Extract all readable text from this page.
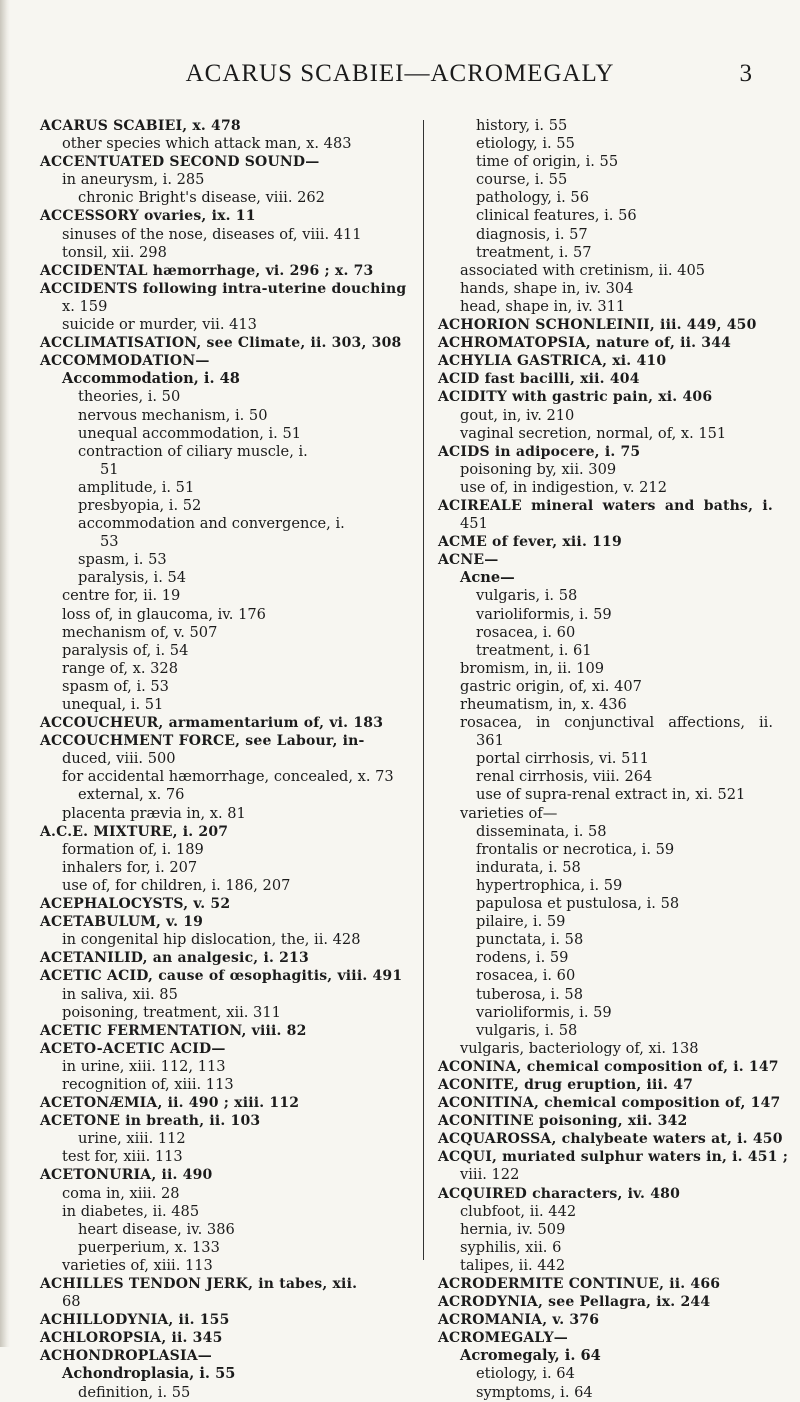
ACARUS SCABIEI—ACROMEGALY	3
ACARUS SCABIEI, x. 478
other species which attack man, x. 483
ACCENTUATED SECOND SOUND—
in aneurysm, i. 285
chronic Bright's disease, viii. 262
ACCESSORY ovaries, ix. 11
sinuses of the nose, diseases of, viii. 411
tonsil, xii. 298
ACCIDENTAL hæmorrhage, vi. 296 ; x. 73
ACCIDENTS following intra-uterine douching
x. 159
suicide or murder, vii. 413
ACCLIMATISATION, see Climate, ii. 303, 308
ACCOMMODATION—
Accommodation, i. 48
theories, i. 50
nervous mechanism, i. 50
unequal accommodation, i. 51
contraction of ciliary muscle, i.
51
amplitude, i. 51
presbyopia, i. 52
accommodation and convergence, i.
53
spasm, i. 53
paralysis, i. 54
centre for, ii. 19
loss of, in glaucoma, iv. 176
mechanism of, v. 507
paralysis of, i. 54
range of, x. 328
spasm of, i. 53
unequal, i. 51
ACCOUCHEUR, armamentarium of, vi. 183
ACCOUCHMENT FORCE, see Labour, in-
duced, viii. 500
for accidental hæmorrhage, concealed, x. 73
external, x. 76
placenta prævia in, x. 81
A.C.E. MIXTURE, i. 207
formation of, i. 189
inhalers for, i. 207
use of, for children, i. 186, 207
ACEPHALOCYSTS, v. 52
ACETABULUM, v. 19
in congenital hip dislocation, the, ii. 428
ACETANILID, an analgesic, i. 213
ACETIC ACID, cause of œsophagitis, viii. 491
in saliva, xii. 85
poisoning, treatment, xii. 311
ACETIC FERMENTATION, viii. 82
ACETO-ACETIC ACID—
in urine, xiii. 112, 113
recognition of, xiii. 113
ACETONÆMIA, ii. 490 ; xiii. 112
ACETONE in breath, ii. 103
urine, xiii. 112
test for, xiii. 113
ACETONURIA, ii. 490
coma in, xiii. 28
in diabetes, ii. 485
heart disease, iv. 386
puerperium, x. 133
varieties of, xiii. 113
ACHILLES TENDON JERK, in tabes, xii.
68
ACHILLODYNIA, ii. 155
ACHLOROPSIA, ii. 345
ACHONDROPLASIA—
Achondroplasia, i. 55
definition, i. 55
history, i. 55
etiology, i. 55
time of origin, i. 55
course, i. 55
pathology, i. 56
clinical features, i. 56
diagnosis, i. 57
treatment, i. 57
associated with cretinism, ii. 405
hands, shape in, iv. 304
head, shape in, iv. 311
ACHORION SCHONLEINII, iii. 449, 450
ACHROMATOPSIA, nature of, ii. 344
ACHYLIA GASTRICA, xi. 410
ACID fast bacilli, xii. 404
ACIDITY with gastric pain, xi. 406
gout, in, iv. 210
vaginal secretion, normal, of, x. 151
ACIDS in adipocere, i. 75
poisoning by, xii. 309
use of, in indigestion, v. 212
ACIREALE mineral waters and baths, i.
451
ACME of fever, xii. 119
ACNE—
Acne—
vulgaris, i. 58
varioliformis, i. 59
rosacea, i. 60
treatment, i. 61
bromism, in, ii. 109
gastric origin, of, xi. 407
rheumatism, in, x. 436
rosacea, in conjunctival affections, ii.
361
portal cirrhosis, vi. 511
renal cirrhosis, viii. 264
use of supra-renal extract in, xi. 521
varieties of—
disseminata, i. 58
frontalis or necrotica, i. 59
indurata, i. 58
hypertrophica, i. 59
papulosa et pustulosa, i. 58
pilaire, i. 59
punctata, i. 58
rodens, i. 59
rosacea, i. 60
tuberosa, i. 58
varioliformis, i. 59
vulgaris, i. 58
vulgaris, bacteriology of, xi. 138
ACONINA, chemical composition of, i. 147
ACONITE, drug eruption, iii. 47
ACONITINA, chemical composition of, 147
ACONITINE poisoning, xii. 342
ACQUAROSSA, chalybeate waters at, i. 450
ACQUI, muriated sulphur waters in, i. 451 ;
viii. 122
ACQUIRED characters, iv. 480
clubfoot, ii. 442
hernia, iv. 509
syphilis, xii. 6
talipes, ii. 442
ACRODERMITE CONTINUE, ii. 466
ACRODYNIA, see Pellagra, ix. 244
ACROMANIA, v. 376
ACROMEGALY—
Acromegaly, i. 64
etiology, i. 64
symptoms, i. 64
